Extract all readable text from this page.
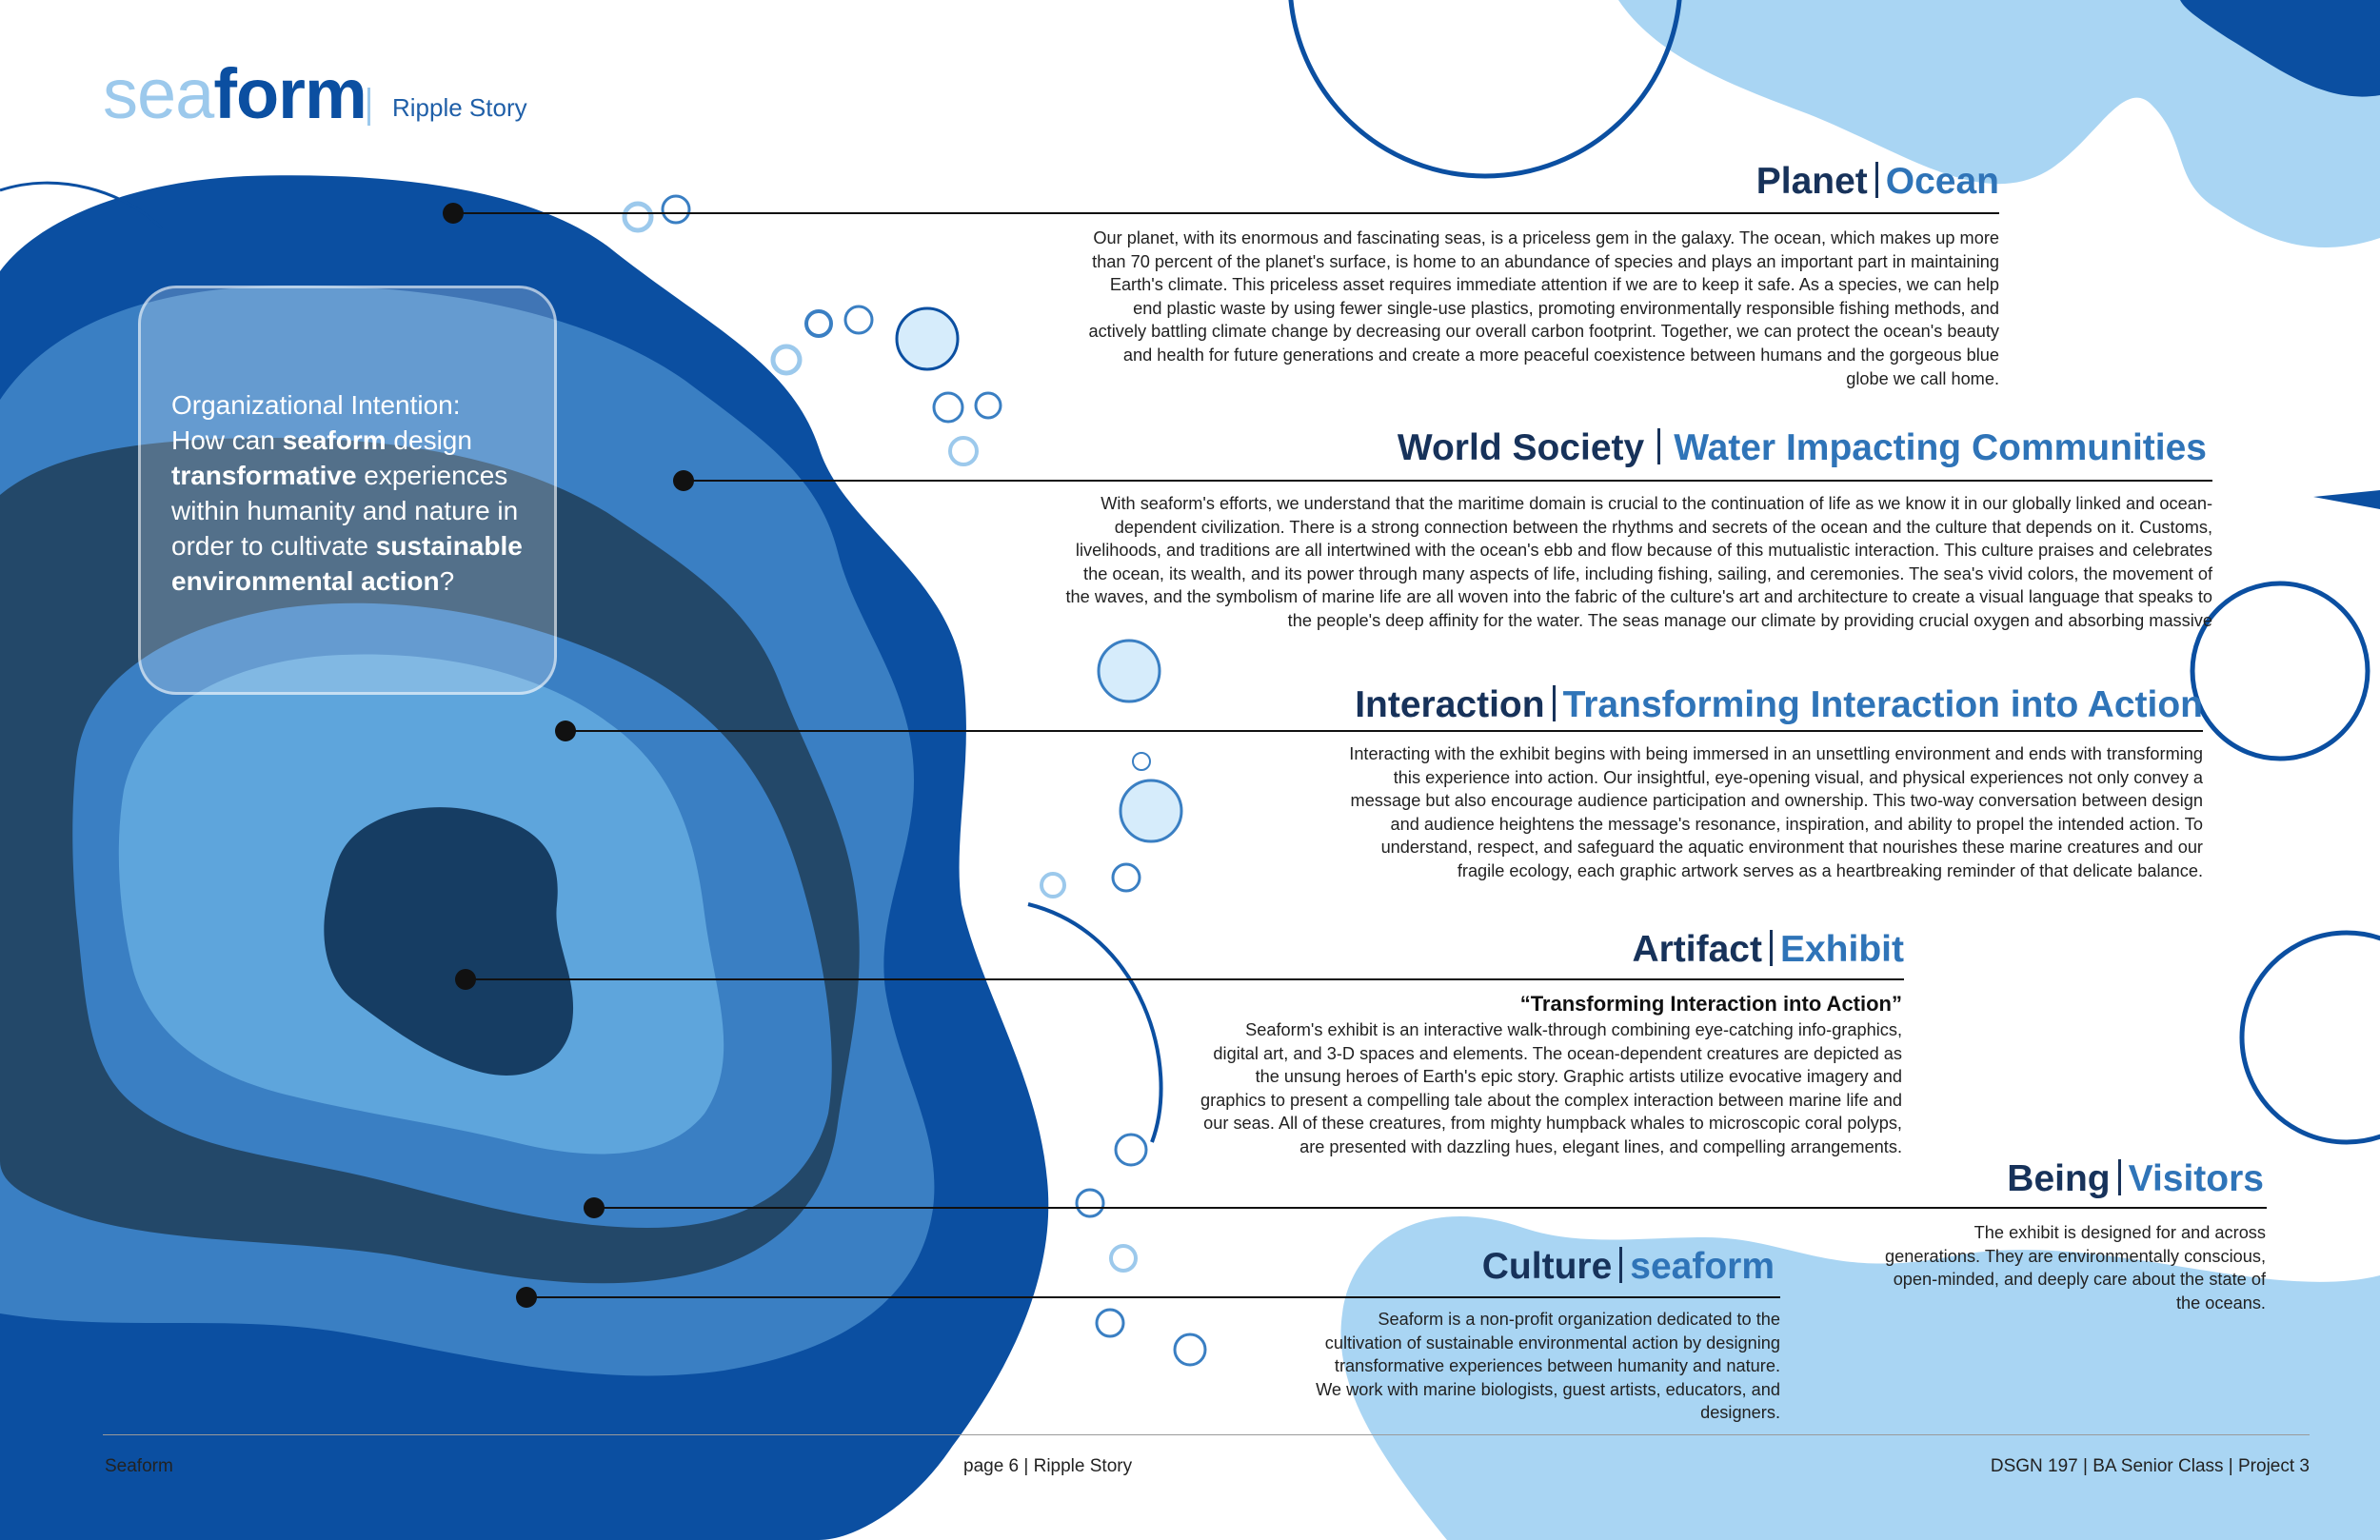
seaform Ripple Story
Organizational Intention:
How can seaform design transformative experiences within humanity and nature in order to cultivate sustainable environmental action?
Planet Ocean
Our planet, with its enormous and fascinating seas, is a priceless gem in the galaxy. The ocean, which makes up more than 70 percent of the planet's surface, is home to an abundance of species and plays an important part in maintaining Earth's climate. This priceless asset requires immediate attention if we are to keep it safe. As a species, we can help end plastic waste by using fewer single-use plastics, promoting environmentally responsible fishing methods, and actively battling climate change by decreasing our overall carbon footprint. Together, we can protect the ocean's beauty and health for future generations and create a more peaceful coexistence between humans and the gorgeous blue globe we call home.
World Society Water Impacting Communities
With seaform's efforts, we understand that the maritime domain is crucial to the continuation of life as we know it in our globally linked and ocean-dependent civilization. There is a strong connection between the rhythms and secrets of the ocean and the culture that depends on it. Customs, livelihoods, and traditions are all intertwined with the ocean's ebb and flow because of this mutualistic interaction. This culture praises and celebrates the ocean, its wealth, and its power through many aspects of life, including fishing, sailing, and ceremonies. The sea's vivid colors, the movement of the waves, and the symbolism of marine life are all woven into the fabric of the culture's art and architecture to create a visual language that speaks to the people's deep affinity for the water. The seas manage our climate by providing crucial oxygen and absorbing massive
Interaction Transforming Interaction into Action
Interacting with the exhibit begins with being immersed in an unsettling environment and ends with transforming this experience into action. Our insightful, eye-opening visual, and physical experiences not only convey a message but also encourage audience participation and ownership. This two-way conversation between design and audience heightens the message's resonance, inspiration, and ability to propel the intended action. To understand, respect, and safeguard the aquatic environment that nourishes these marine creatures and our fragile ecology, each graphic artwork serves as a heartbreaking reminder of that delicate balance.
Artifact Exhibit
“Transforming Interaction into Action”
Seaform's exhibit is an interactive walk-through combining eye-catching info-graphics, digital art, and 3-D spaces and elements. The ocean-dependent creatures are depicted as the unsung heroes of Earth's epic story. Graphic artists utilize evocative imagery and graphics to present a compelling tale about the complex interaction between marine life and our seas. All of these creatures, from mighty humpback whales to microscopic coral polyps, are presented with dazzling hues, elegant lines, and compelling arrangements.
Being Visitors
The exhibit is designed for and across generations. They are environmentally conscious, open-minded, and deeply care about the state of the oceans.
Culture seaform
Seaform is a non-profit organization dedicated to the cultivation of sustainable environmental action by designing transformative experiences between humanity and nature. We work with marine biologists, guest artists, educators, and designers.
Seaform	page 6 | Ripple Story	DSGN 197 | BA Senior Class | Project 3
